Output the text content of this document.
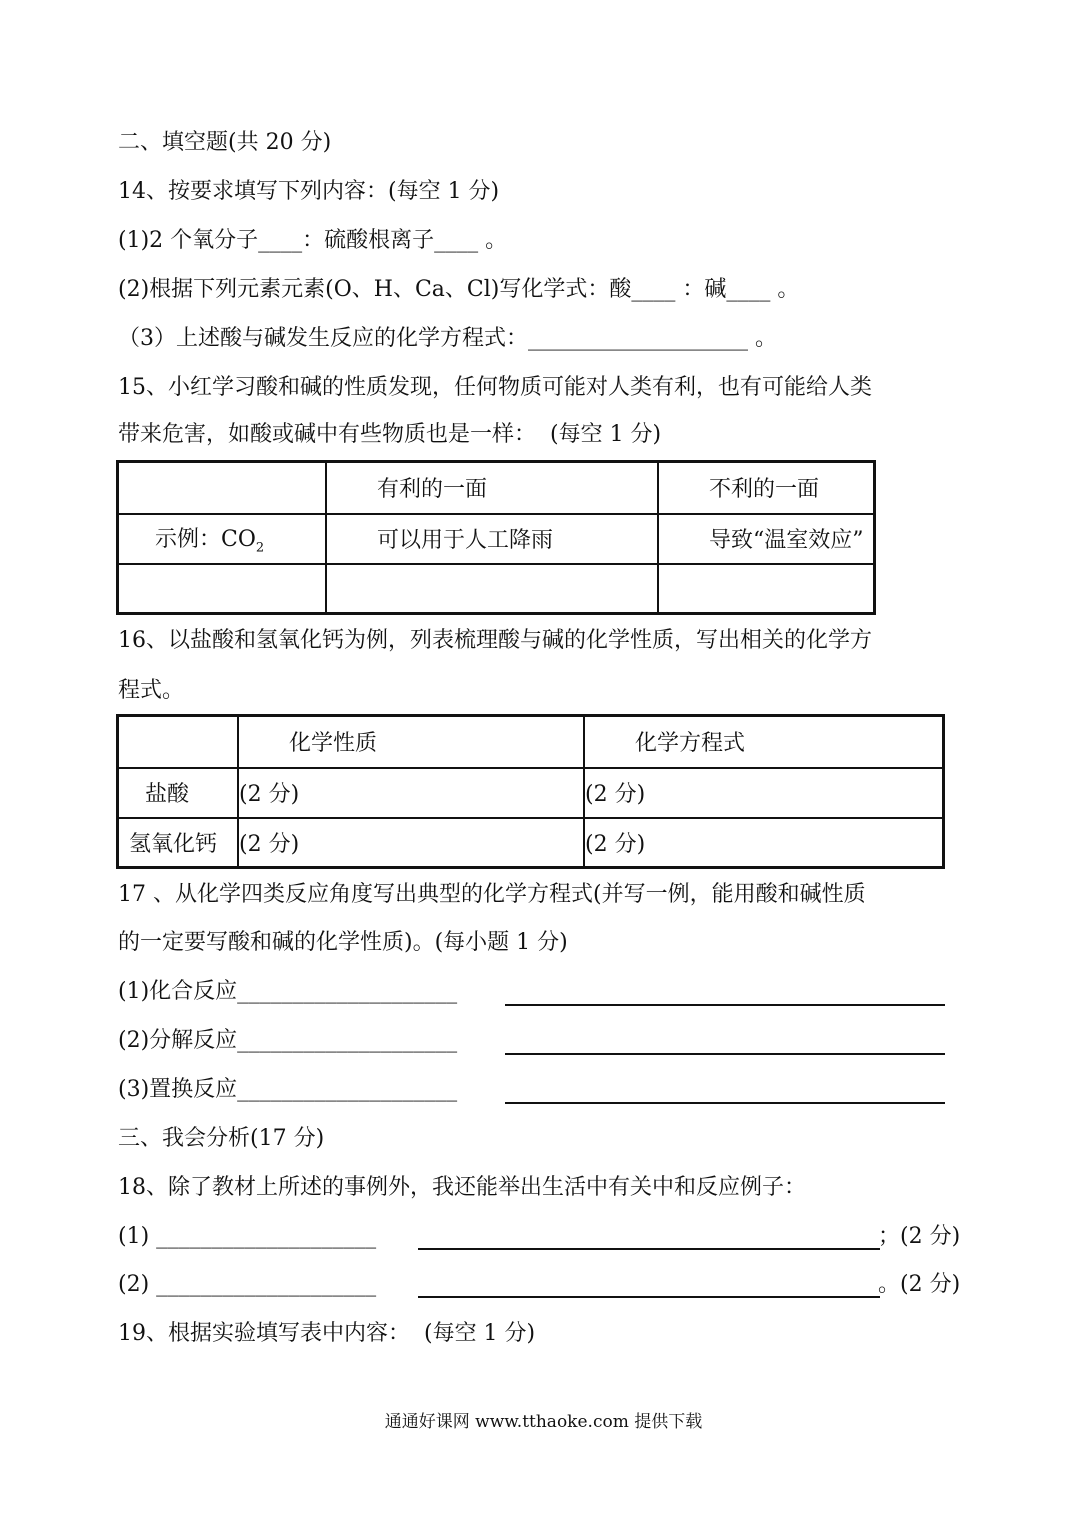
二、填空题(共 20 分)
14、按要求填写下列内容：(每空 1 分)
(1)2 个氧分子____：硫酸根离子____ 。
(2)根据下列元素元素(O、H、Ca、Cl)写化学式：酸____ ：碱____ 。
（3）上述酸与碱发生反应的化学方程式：____________________ 。
15、小红学习酸和碱的性质发现，任何物质可能对人类有利，也有可能给人类
带来危害，如酸或碱中有些物质也是一样：  (每空 1 分)
	有利的一面	不利的一面
示例：$CO_2$	可以用于人工降雨	导致“温室效应”

16、以盐酸和氢氧化钙为例，列表梳理酸与碱的化学性质，写出相关的化学方
程式。
	化学性质	化学方程式
盐酸	(2 分)	(2 分)
氢氧化钙	(2 分)	(2 分)
17 、从化学四类反应角度写出典型的化学方程式(并写一例，能用酸和碱性质
的一定要写酸和碱的化学性质)。(每小题 1 分)
(1)化合反应____________________
(2)分解反应____________________
(3)置换反应____________________
三、我会分析(17 分)
18、除了教材上所述的事例外，我还能举出生活中有关中和反应例子：
(1) ____________________	；(2 分)
(2) ____________________	。(2 分)
19、根据实验填写表中内容：  (每空 1 分)
通通好课网 www.tthaoke.com 提供下载
